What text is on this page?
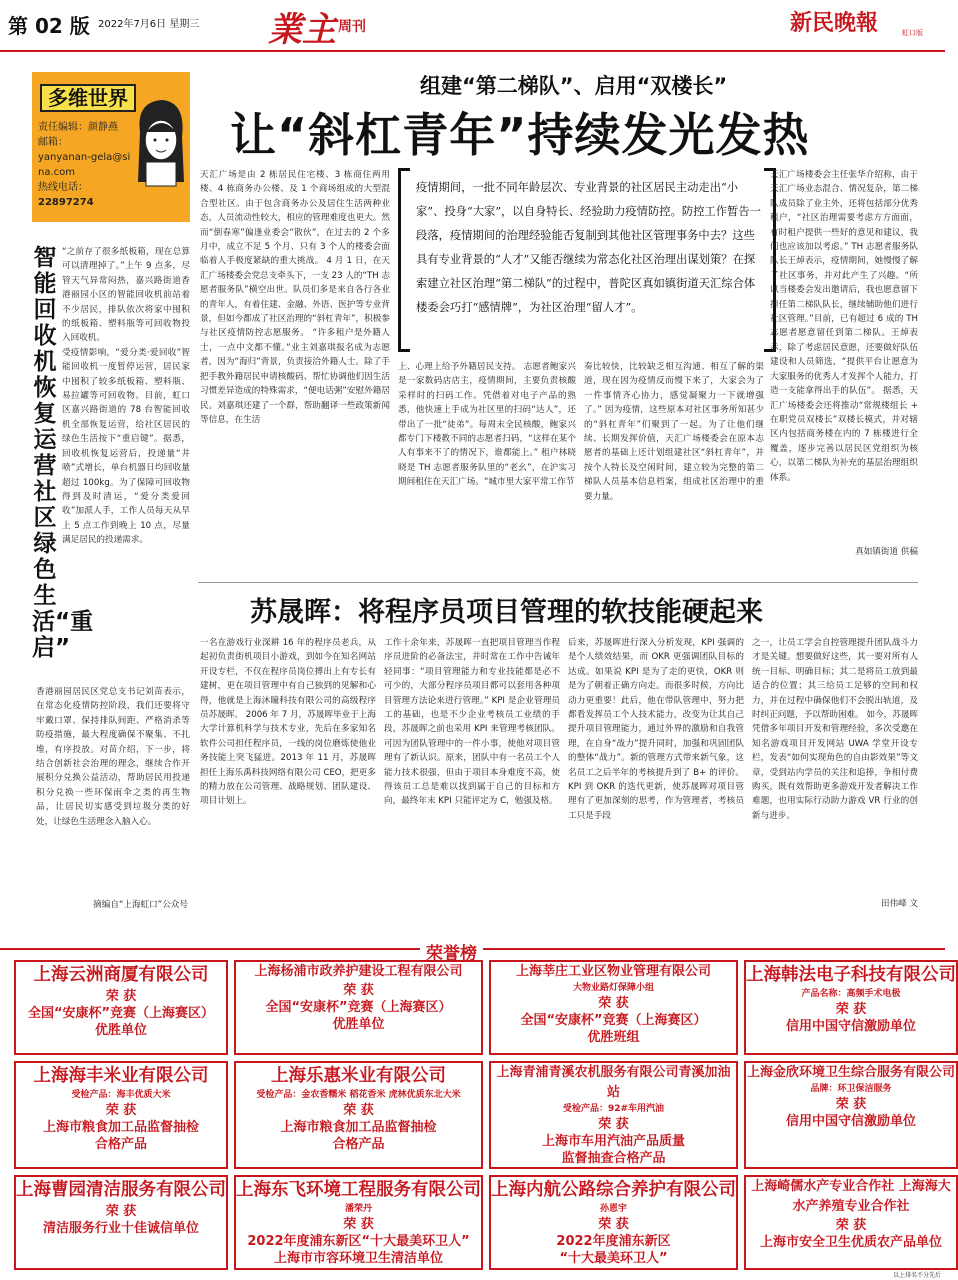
第 02 版 2022年7月6日 星期三 業主 周刊	新民晚報	虹口版
多维世界
责任编辑：颜静燕
邮箱：
yanyanan-gela@sina.com
热线电话：
22897274
智能回收机恢复运营 社区绿色生活“重启”

“之前存了很多纸板箱，现在总算可以清理掉了。”上午 9 点多，尽管天气异常闷热，嘉兴路街道香港丽园小区的智能回收机前站着不少居民，排队依次将家中囤积的纸板箱、塑料瓶等可回收物投入回收机。

受疫情影响，“爱分类·爱回收”智能回收机一度暂停运营，居民家中囤积了较多纸板箱、塑料瓶、易拉罐等可回收物。目前，虹口区嘉兴路街道的 78 台智能回收机全部恢复运营，给社区居民的绿色生活按下“重启键”。据悉，回收机恢复运营后，投递量“井喷”式增长，单台机器日均回收量超过 100kg。为了保障可回收物得到及时清运，“爱分类爱回收”加派人手，工作人员每天从早上 5 点工作到晚上 10 点，尽量满足居民的投递需求。

香港丽园居民区党总支书记刘苗表示，在常态化疫情防控阶段，我们还要将守牢戴口罩、保持排队间距、严格消杀等防疫措施，最大程度确保不聚集、不扎堆，有序投放。对苗介绍，下一步，将结合创新社会治理的理念，继续合作开展积分兑换公益活动，帮助居民用投递积分兑换一些环保雨伞之类的再生物品，让居民切实感受到垃圾分类的好处，让绿色生活理念入脑入心。

摘编自“上海虹口”公众号
组建“第二梯队”、启用“双楼长”
让“斜杠青年”持续发光发热
疫情期间，一批不同年龄层次、专业背景的社区居民主动走出“小家”、投身“大家”，以自身特长、经验助力疫情防控。防控工作暂告一段落，疫情期间的治理经验能否复制到其他社区管理事务中去？这些具有专业背景的“人才”又能否继续为常态化社区治理出谋划策？在探索建立社区治理“第二梯队”的过程中，普陀区真如镇街道天汇综合体楼委会巧打“感情牌”，为社区治理“留人才”。
天汇广场是由 2 栋居民住宅楼、3 栋商住两用楼、4 栋商务办公楼、及 1 个商场组成的大型混合型社区。由于包含商务办公及居住生活两种业态，人员流动性较大，相应的管理难度也更大。然而“倒春寒”偏逢业委会“散伙”，在过去的 2 个多月中，成立不足 5 个月、只有 3 个人的楼委会面临着人手极度紧缺的重大挑战。 4 月 1 日，在天汇广场楼委会党总支牵头下，一支 23 人的“TH 志愿者服务队”横空出世。队员们多是来自各行各业的青年人，有着住建、金融、外语、医护等专业背景，但如今都成了社区治理的“斜杠青年”，积极参与社区疫情防控志愿服务。 “许多租户是外籍人士，一点中文都不懂。”业主刘嘉琪报名成为志愿者，因为“海归”背景，负责接洽外籍人士。除了手把手教外籍居民申请核酸码、帮忙协调他们因生活习惯差异造成的特殊需求，“便电话粥”安慰外籍居民。刘嘉琪还建了一个群，帮助翻译一些政策新闻等信息，在生活
上、心理上给予外籍居民支持。 志愿者鲍家兴是一家数码店店主，疫情期间，主要负责核酸采样时的扫码工作。凭借着对电子产品的熟悉，他快速上手成为社区里的扫码“达人”，还带出了一批“徒弟”。每周末全民核酸，鲍家兴都专门下楼教不同的志愿者扫码，“这样在某个人有事来不了的情况下，谁都能上。” 租户林晓晓是 TH 志愿者服务队里的“老幺”，在沪实习期间租住在天汇广场。“城市里大家平常工作节
奏比较快，比较缺乏相互沟通、相互了解的渠道，现在因为疫情反而慢下来了，大家会为了一件事情齐心协力，感觉凝聚力一下就增强了。” 因为疫情，这些原本对社区事务所知甚少的“斜杠青年”们聚到了一起。为了让他们继续、长期发挥价值，天汇广场楼委会在原本志愿者的基础上还计划组建社区“斜杠青年”，并按个人特长及空闲时间，建立较为完整的第二梯队人员基本信息档案，组成社区治理中的重要力量。
天汇广场楼委会主任张华介绍称，由于天汇广场业态混合、情况复杂，第二梯队成员除了业主外，还将包括部分优秀租户，“社区治理需要考虑方方面面，有时租户提供一些好的意见和建议，我们也应该加以考虑。” TH 志愿者服务队队长王焯表示，疫情期间，她慢慢了解了社区事务，并对此产生了兴趣。“所以当楼委会发出邀请后，我也愿意留下担任第二梯队队长，继续辅助他们进行社区管理。”目前，已有超过 6 成的 TH 志愿者愿意留任到第二梯队。王焯表示，除了考虑居民意愿，还要做好队伍建设和人员筛选，“提供平台让愿意为大家服务的优秀人才发挥个人能力，打造一支能拿得出手的队伍”。 据悉，天汇广场楼委会还将推动“常规楼组长 + 在职党员双楼长”双楼长模式，并对辖区内包括商务楼在内的 7 栋楼进行全覆盖，逐步完善以居民区党组织为核心，以第二梯队为补充的基层治理组织体系。
真如镇街道 供稿
苏晟晖：将程序员项目管理的软技能硬起来
一名在游戏行业深耕 16 年的程序员老兵，从起初负责街机项目小游戏，到如今在知名网站开设专栏，不仅在程序员岗位搏出上有专长有建树，更在项目管理中有自己独到的见解和心得，他就是上海沐瞳科技有限公司的高级程序员苏晟晖。 2006 年 7 月，苏晟晖毕业于上海大学计算机科学与技术专业，先后在多家知名软件公司担任程序员，一线的岗位磨炼使他业务技能上突飞猛进。2013 年 11 月，苏晟晖担任上海乐禹科技网络有限公司 CEO，把更多的精力放在公司管理、战略规划、团队建设、项目计划上。
工作十余年来，苏晟晖一直把项目管理当作程序员进阶的必备法宝，并时常在工作中告诫年轻同事：“项目管理能力和专业技能都是必不可少的，大部分程序员项目都可以套用各种项目管理方法论来进行管理。” KPI 是企业管理员工的基础，也是不少企业考核员工业绩的手段，苏晟晖之前也采用 KPI 来管理考核团队。可因为团队管理中的一件小事，使他对项目管理有了新认识。原来，团队中有一名员工个人能力技术很强，但由于项目本身难度不高，使得该员工总是难以找到属于自己的目标和方向，最终年末 KPI 只能评定为 C，勉强及格。
后来，苏晟晖进行深入分析发现，KPI 强调的是个人绩效结果，而 OKR 更强调团队目标的达成。如果说 KPI 是为了走的更快，OKR 则是为了朝着正确方向走。而很多时候，方向比动力更重要！此后，他在带队管理中，努力把都看发挥员工个人技术能力，改变为让其自己提升项目管理能力，通过外界的激励和自我管理，在自身“战力”提升同时，加强和巩固团队的整体“战力”。新的管理方式带来新气象，这名员工之后半年的考核提升到了 B+ 的评价。 KPI 到 OKR 的迭代更新，使苏晟晖对项目管理有了更加深刻的思考，作为管理者，考核员工只是手段
之一，让员工学会自控管理提升团队战斗力才是关键。想要做好这些，其一要对所有人统一目标、明确目标；其二是将员工放到最适合的位置；其三给员工足够的空间和权力，并在过程中确保他们不会脱出轨道，及时纠正问题，予以帮助困难。 如今，苏晟晖凭借多年项目开发和管理经验，多次受邀在知名游戏项目开发网站 UWA 学堂开设专栏，发表“如何实现角色的自由影效果”等文章，受到站内学员的关注和追捧，争相付费购买，既有效帮助更多游戏开发者解决工作难题，也用实际行动助力游戏 VR 行业的创新与进步。
田伟峰 文
荣誉榜
上海云洲商厦有限公司
荣 获
全国“安康杯”竞赛（上海赛区）
优胜单位
上海杨浦市政养护建设工程有限公司
荣 获
全国“安康杯”竞赛（上海赛区）
优胜单位
上海莘庄工业区物业管理有限公司
大物业路灯保障小组
荣 获
全国“安康杯”竞赛（上海赛区）
优胜班组
上海韩法电子科技有限公司
产品名称：高频手术电极
荣 获
信用中国守信激励单位
上海海丰米业有限公司
受检产品：海丰优质大米
荣 获
上海市粮食加工品监督抽检
合格产品
上海乐惠米业有限公司
受检产品：金农香糯米 稻花香米 虎林优质东北大米
荣 获
上海市粮食加工品监督抽检
合格产品
上海青浦青溪农机服务有限公司青溪加油站
受检产品：92#车用汽油
荣 获
上海市车用汽油产品质量
监督抽查合格产品
上海金欣环境卫生综合服务有限公司
品牌：环卫保洁服务
荣 获
信用中国守信激励单位
上海曹园清洁服务有限公司
荣 获
清洁服务行业十佳诚信单位
上海东飞环境工程服务有限公司
潘荣丹
荣 获
2022年度浦东新区“十大最美环卫人”
上海市市容环境卫生清洁单位
上海内航公路综合养护有限公司
孙恩宇
荣 获
2022年度浦东新区
“十大最美环卫人”
上海崎儒水产专业合作社 上海海大水产养殖专业合作社
荣 获
上海市安全卫生优质农产品单位
以上排名不分先后
